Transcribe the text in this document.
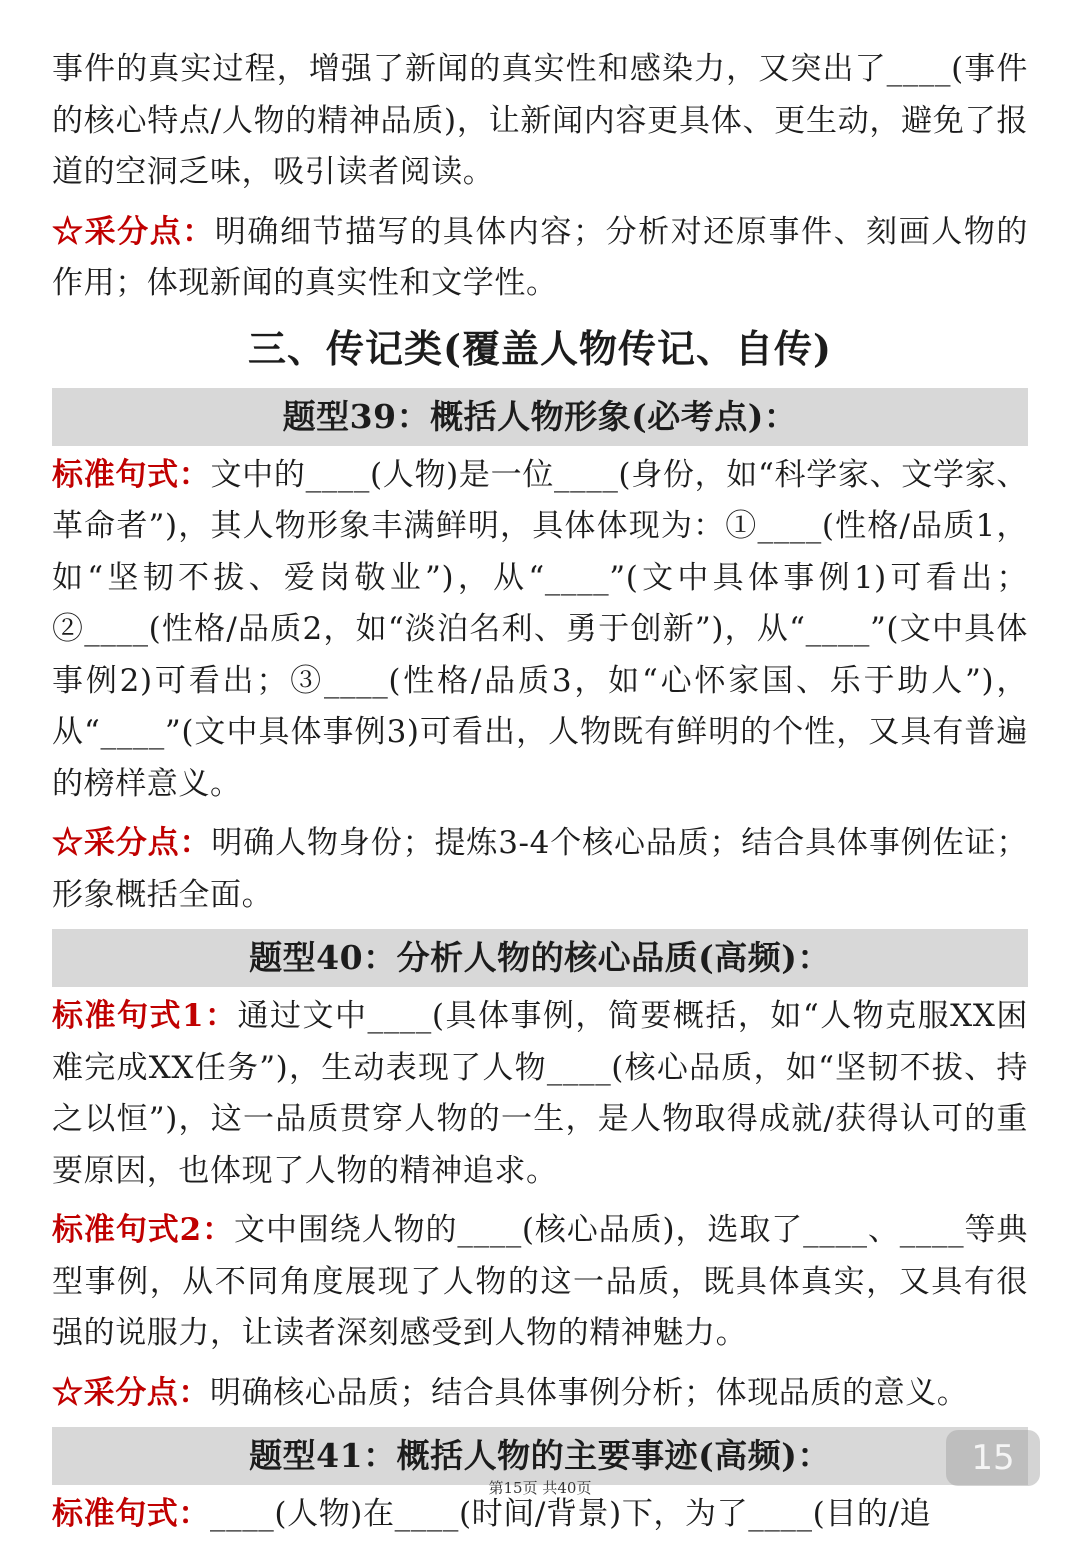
事件的真实过程，增强了新闻的真实性和感染力，又突出了____(事件的核心特点/人物的精神品质)，让新闻内容更具体、更生动，避免了报道的空洞乏味，吸引读者阅读。

☆采分点：明确细节描写的具体内容；分析对还原事件、刻画人物的作用；体现新闻的真实性和文学性。

三、传记类(覆盖人物传记、自传)
题型39：概括人物形象(必考点)：

标准句式：文中的____(人物)是一位____(身份，如“科学家、文学家、革命者”)，其人物形象丰满鲜明，具体体现为：①____(性格/品质1，如“坚韧不拔、爱岗敬业”)，从“____”(文中具体事例1)可看出；②____(性格/品质2，如“淡泊名利、勇于创新”)，从“____”(文中具体事例2)可看出；③____(性格/品质3，如“心怀家国、乐于助人”)，从“____”(文中具体事例3)可看出，人物既有鲜明的个性，又具有普遍的榜样意义。

☆采分点：明确人物身份；提炼3-4个核心品质；结合具体事例佐证；形象概括全面。

题型40：分析人物的核心品质(高频)：

标准句式1：通过文中____(具体事例，简要概括，如“人物克服XX困难完成XX任务”)，生动表现了人物____(核心品质，如“坚韧不拔、持之以恒”)，这一品质贯穿人物的一生，是人物取得成就/获得认可的重要原因，也体现了人物的精神追求。

标准句式2：文中围绕人物的____(核心品质)，选取了____、____等典型事例，从不同角度展现了人物的这一品质，既具体真实，又具有很强的说服力，让读者深刻感受到人物的精神魅力。

☆采分点：明确核心品质；结合具体事例分析；体现品质的意义。

题型41：概括人物的主要事迹(高频)：

标准句式：____(人物)在____(时间/背景)下，为了____(目的/追

第15页 共40页
15
